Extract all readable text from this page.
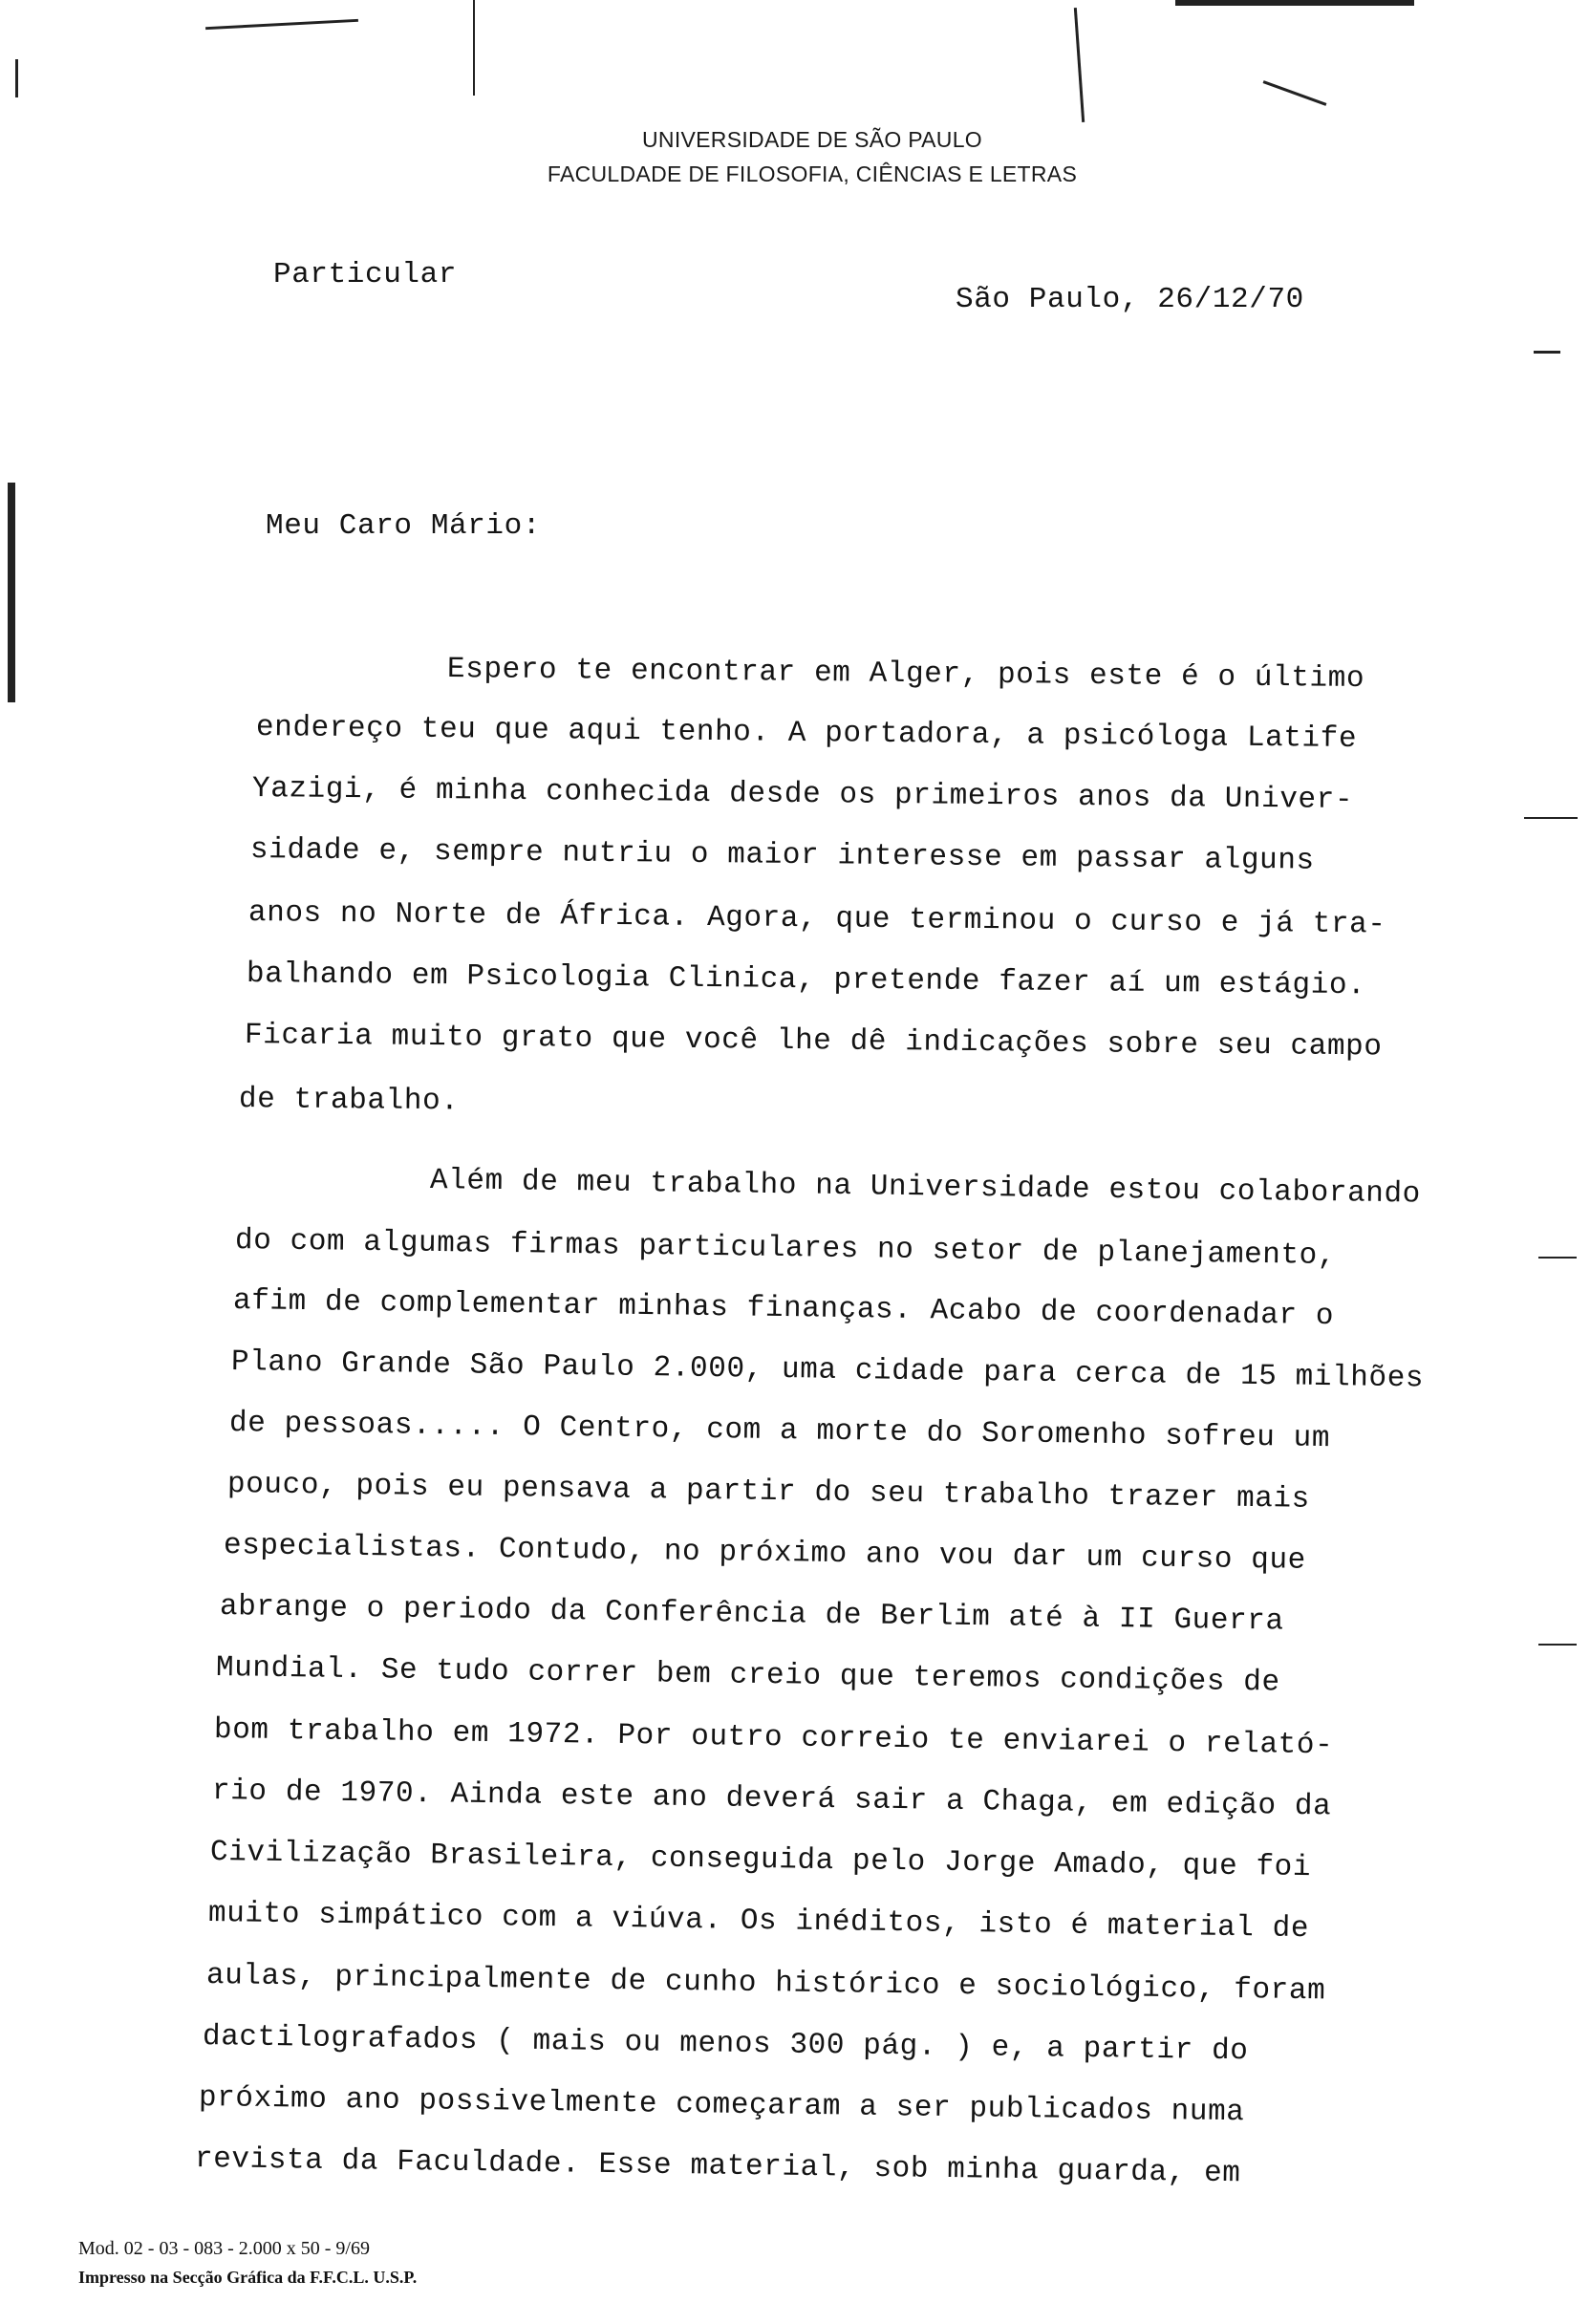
UNIVERSIDADE DE SÃO PAULO
FACULDADE DE FILOSOFIA, CIÊNCIAS E LETRAS
Particular
São Paulo, 26/12/70
Meu Caro Mário:
Espero te encontrar em Alger, pois este é o último
endereço teu que aqui tenho. A portadora, a psicóloga Latife
Yazigi, é minha conhecida desde os primeiros anos da Univer-
sidade e, sempre nutriu o maior interesse em passar alguns
anos no Norte de África. Agora, que terminou o curso e já tra-
balhando em Psicologia Clinica, pretende fazer aí um estágio.
Ficaria muito grato que você lhe dê indicações sobre seu campo
de trabalho.
Além de meu trabalho na Universidade estou colaborando
do com algumas firmas particulares no setor de planejamento,
afim de complementar minhas finanças. Acabo de coordenadar o
Plano Grande São Paulo 2.000, uma cidade para cerca de 15 milhões
de pessoas..... O Centro, com a morte do Soromenho sofreu um
pouco, pois eu pensava a partir do seu trabalho trazer mais
especialistas. Contudo, no próximo ano vou dar um curso que
abrange o periodo da Conferência de Berlim até à II Guerra
Mundial. Se tudo correr bem creio que teremos condições de
bom trabalho em 1972. Por outro correio te enviarei o relató-
rio de 1970. Ainda este ano deverá sair a Chaga, em edição da
Civilização Brasileira, conseguida pelo Jorge Amado, que foi
muito simpático com a viúva. Os inéditos, isto é material de
aulas, principalmente de cunho histórico e sociológico, foram
dactilografados ( mais ou menos 300 pág. ) e, a partir do
próximo ano possivelmente começaram a ser publicados numa
revista da Faculdade. Esse material, sob minha guarda, em
Mod. 02 - 03 - 083 - 2.000 x 50 - 9/69
Impresso na Secção Gráfica da F.F.C.L. U.S.P.
